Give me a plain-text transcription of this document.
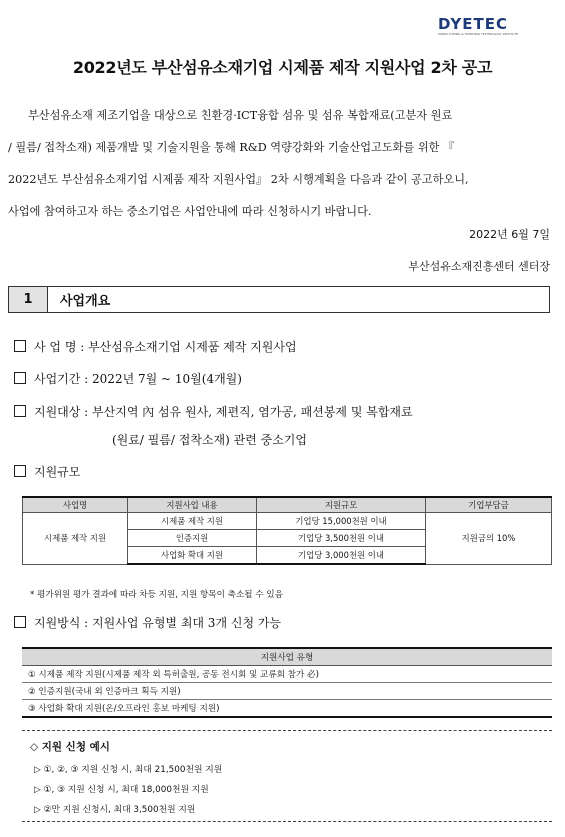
DYETEC
KOREA DYEING & FINISHING TECHNOLOGY INSTITUTE
2022년도 부산섬유소재기업 시제품 제작 지원사업 2차 공고

부산섬유소재 제조기업을 대상으로 친환경·ICT융합 섬유 및 섬유 복합재료(고분자 원료

/ 필름/ 접착소재) 제품개발 및 기술지원을 통해 R&D 역량강화와 기술산업고도화를 위한 『
2022년도 부산섬유소재기업 시제품 제작 지원사업』 2차 시행계획을 다음과 같이 공고하오니,
사업에 참여하고자 하는 중소기업은 사업안내에 따라 신청하시기 바랍니다.
2022년 6월 7일
부산섬유소재진흥센터 센터장
1	사업개요
사 업 명 : 부산섬유소재기업 시제품 제작 지원사업
사업기간 : 2022년 7월 ~ 10월(4개월)
지원대상 : 부산지역 內 섬유 원사, 제편직, 염가공, 패션봉제 및 복합재료
(원료/ 필름/ 접착소재) 관련 중소기업
지원규모
사업명	지원사업 내용	지원규모	기업부담금
시제품 제작 지원	시제품 제작 지원	기업당 15,000천원 이내	지원금의 10%
	인증지원	기업당 3,500천원 이내	
	사업화 확대 지원	기업당 3,000천원 이내	
* 평가위원 평가 결과에 따라 차등 지원, 지원 항목이 축소될 수 있음
지원방식 : 지원사업 유형별 최대 3개 신청 가능
지원사업 유형
① 시제품 제작 지원(시제품 제작 외 특허출원, 공동 전시회 및 교류회 참가 必)
② 인증지원(국내 외 인증마크 획득 지원)
③ 사업화 확대 지원(온/오프라인 홍보 마케팅 지원)
◇ 지원 신청 예시
▷ ①, ②, ③ 지원 신청 시, 최대 21,500천원 지원
▷ ①, ③ 지원 신청 시, 최대 18,000천원 지원
▷ ②만 지원 신청시, 최대 3,500천원 지원
